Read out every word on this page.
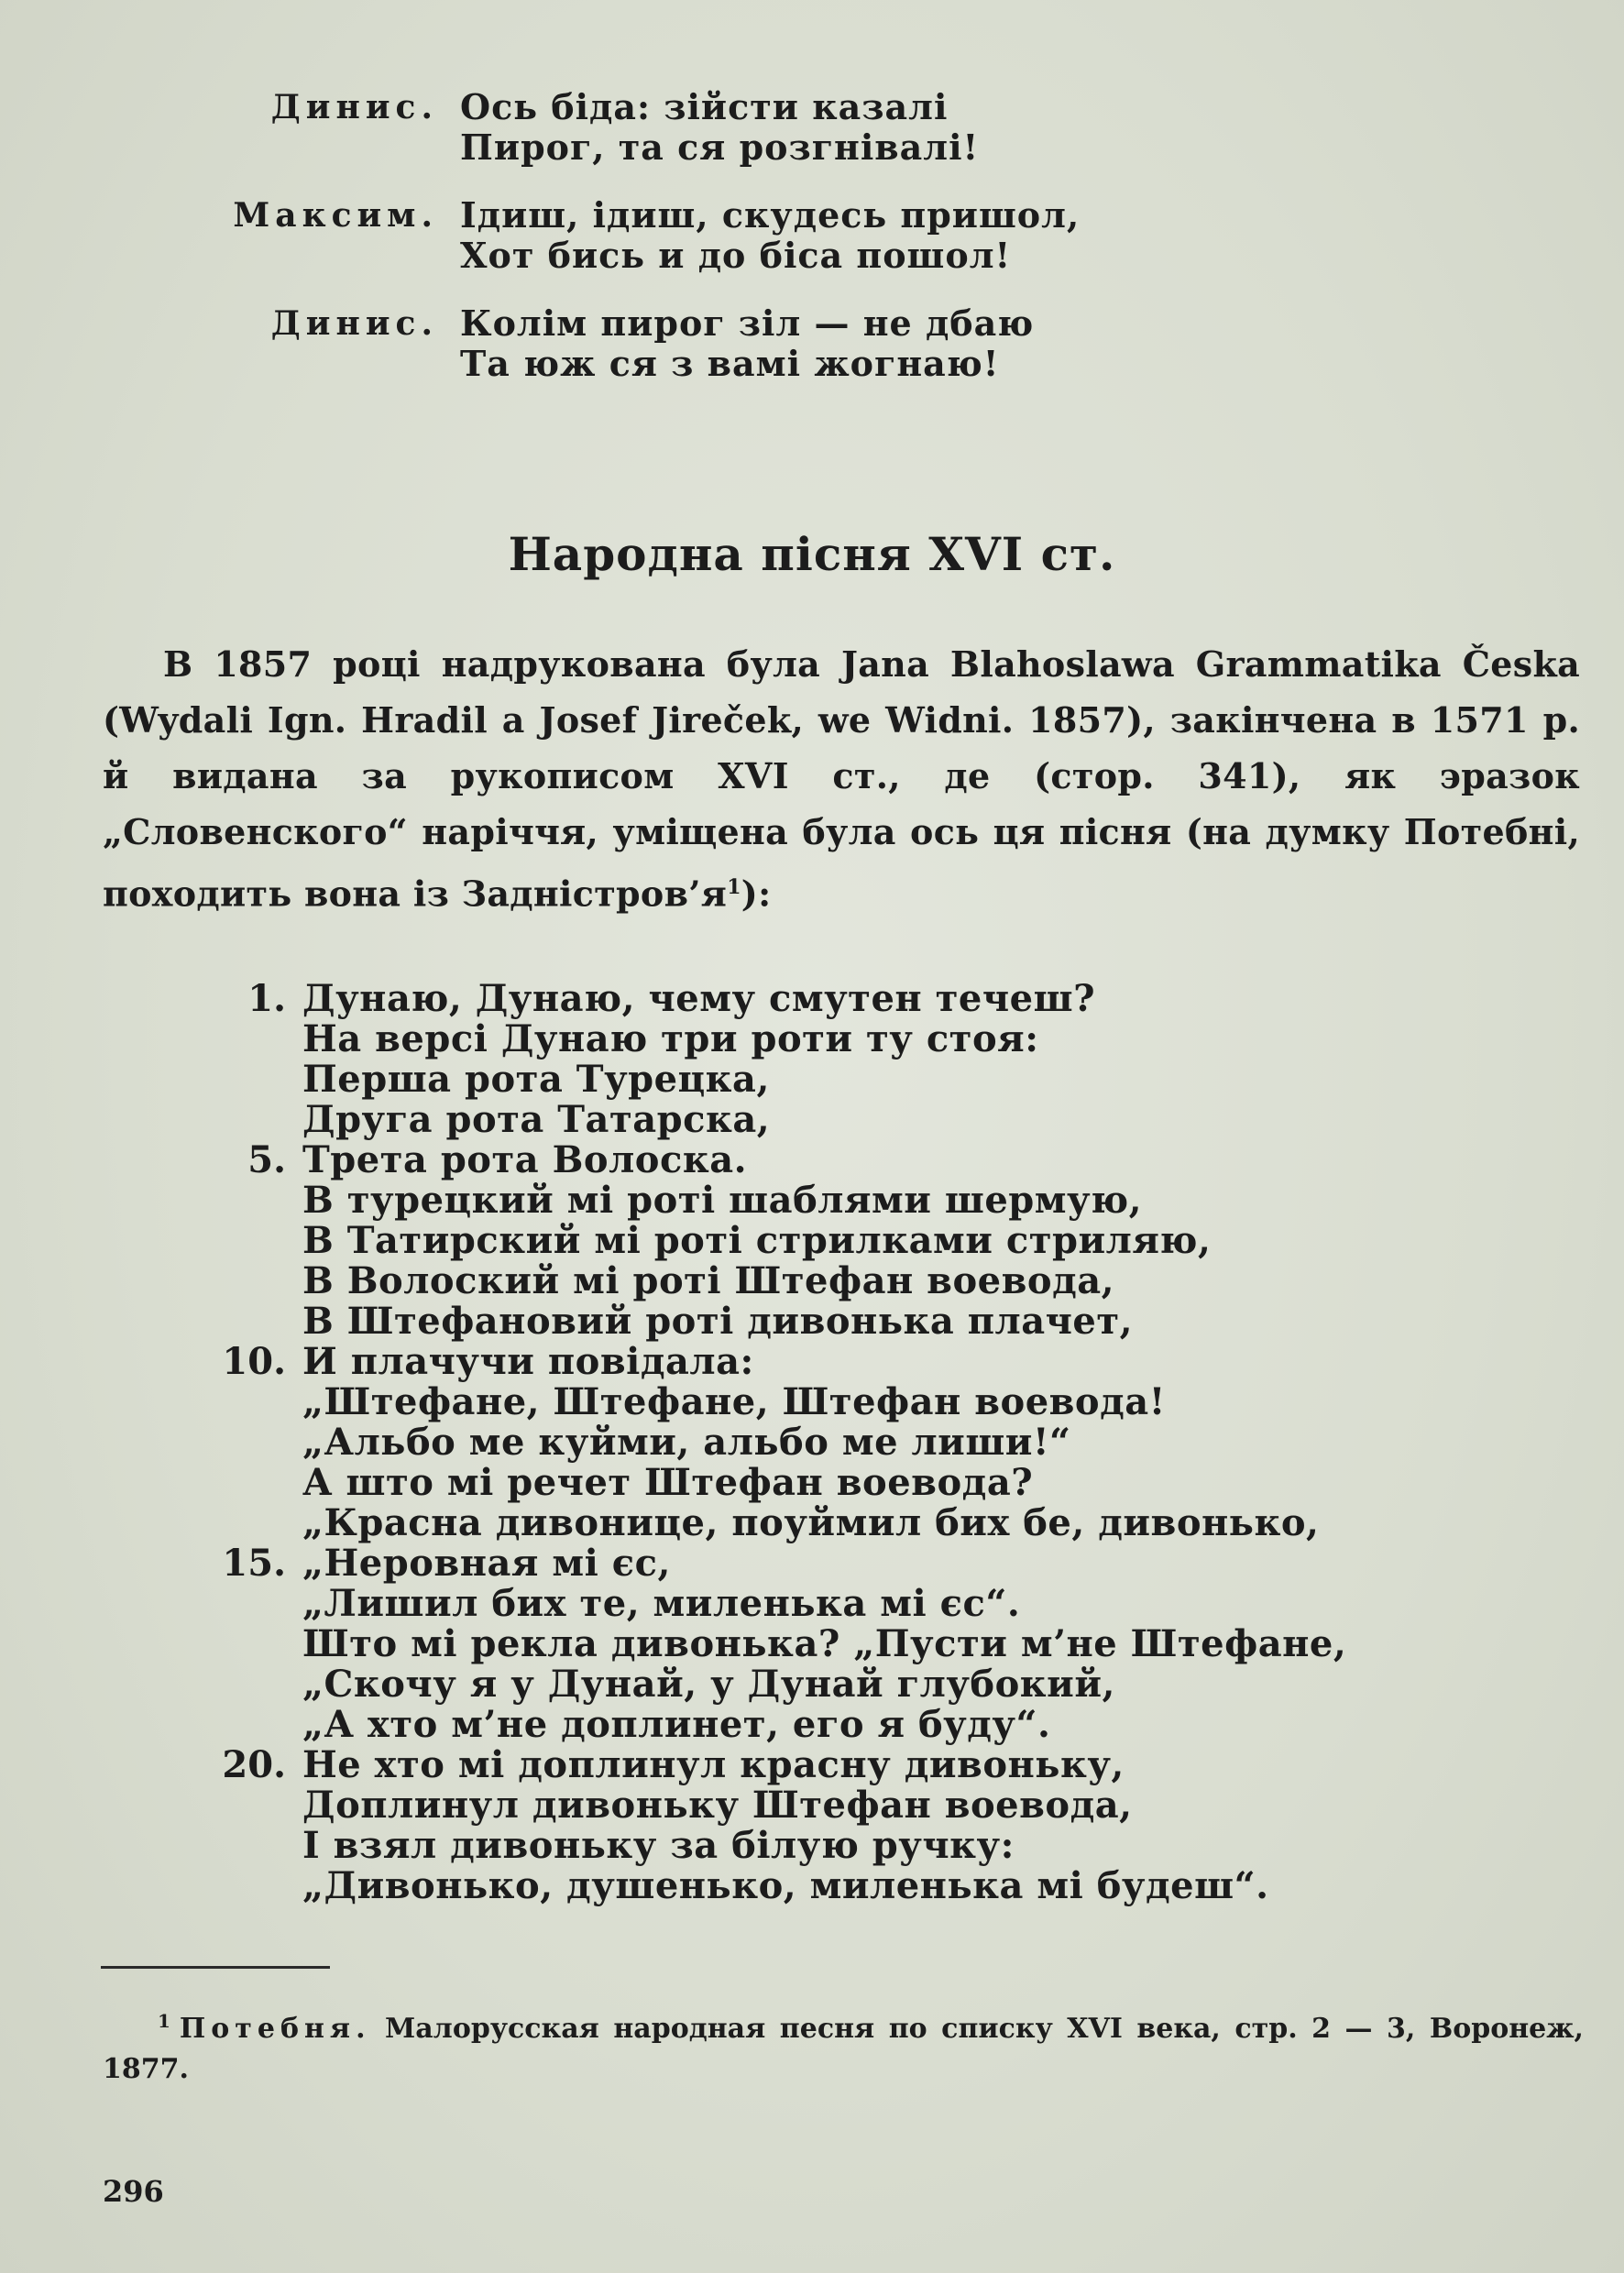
Динис. Ось біда: зійсти казалі
Пирог, та ся розгнівалі!
Максим. Ідиш, ідиш, скудесь пришол,
Хот бись и до біса пошол!
Динис. Колім пирог зіл — не дбаю
Та юж ся з вамі жогнаю!
Народна пісня XVI ст.

В 1857 році надрукована була Jana Blahoslawa Grammatika Česka (Wydali Ign. Hradil a Josef Jireček, we Widni. 1857), закінчена в 1571 р. й видана за рукописом XVI ст., де (стор. 341), як эразок „Словенского“ наріччя, уміщена була ось ця пісня (на думку Потебні, походить вона із $Задністров’я^1$):

1. Дунаю, Дунаю, чему смутен течеш?
На версі Дунаю три роти ту стоя:
Перша рота Турецка,
Друга рота Татарска,
5. Трета рота Волоска.
В турецкий мі роті шаблями шермую,
В Татирский мі роті стрилками стриляю,
В Волоский мі роті Штефан воевода,
В Штефановий роті дивонька плачет,
10. И плачучи повідала:
„Штефане, Штефане, Штефан воевода!
„Альбо ме куйми, альбо ме лиши!“
А што мі речет Штефан воевода?
„Красна дивонице, поуймил бих бе, дивонько,
15. „Неровная мі єс,
„Лишил бих те, миленька мі єс“.
Што мі рекла дивонька? „Пусти м’не Штефане,
„Скочу я у Дунай, у Дунай глубокий,
„А хто м’не доплинет, его я буду“.
20. Не хто мі доплинул красну дивоньку,
Доплинул дивоньку Штефан воевода,
І взял дивоньку за білую ручку:
„Дивонько, душенько, миленька мі будеш“.
$^1$ Потебня. Малорусская народная песня по списку XVI века, стр. 2 — 3, Воронеж, 1877.
296
